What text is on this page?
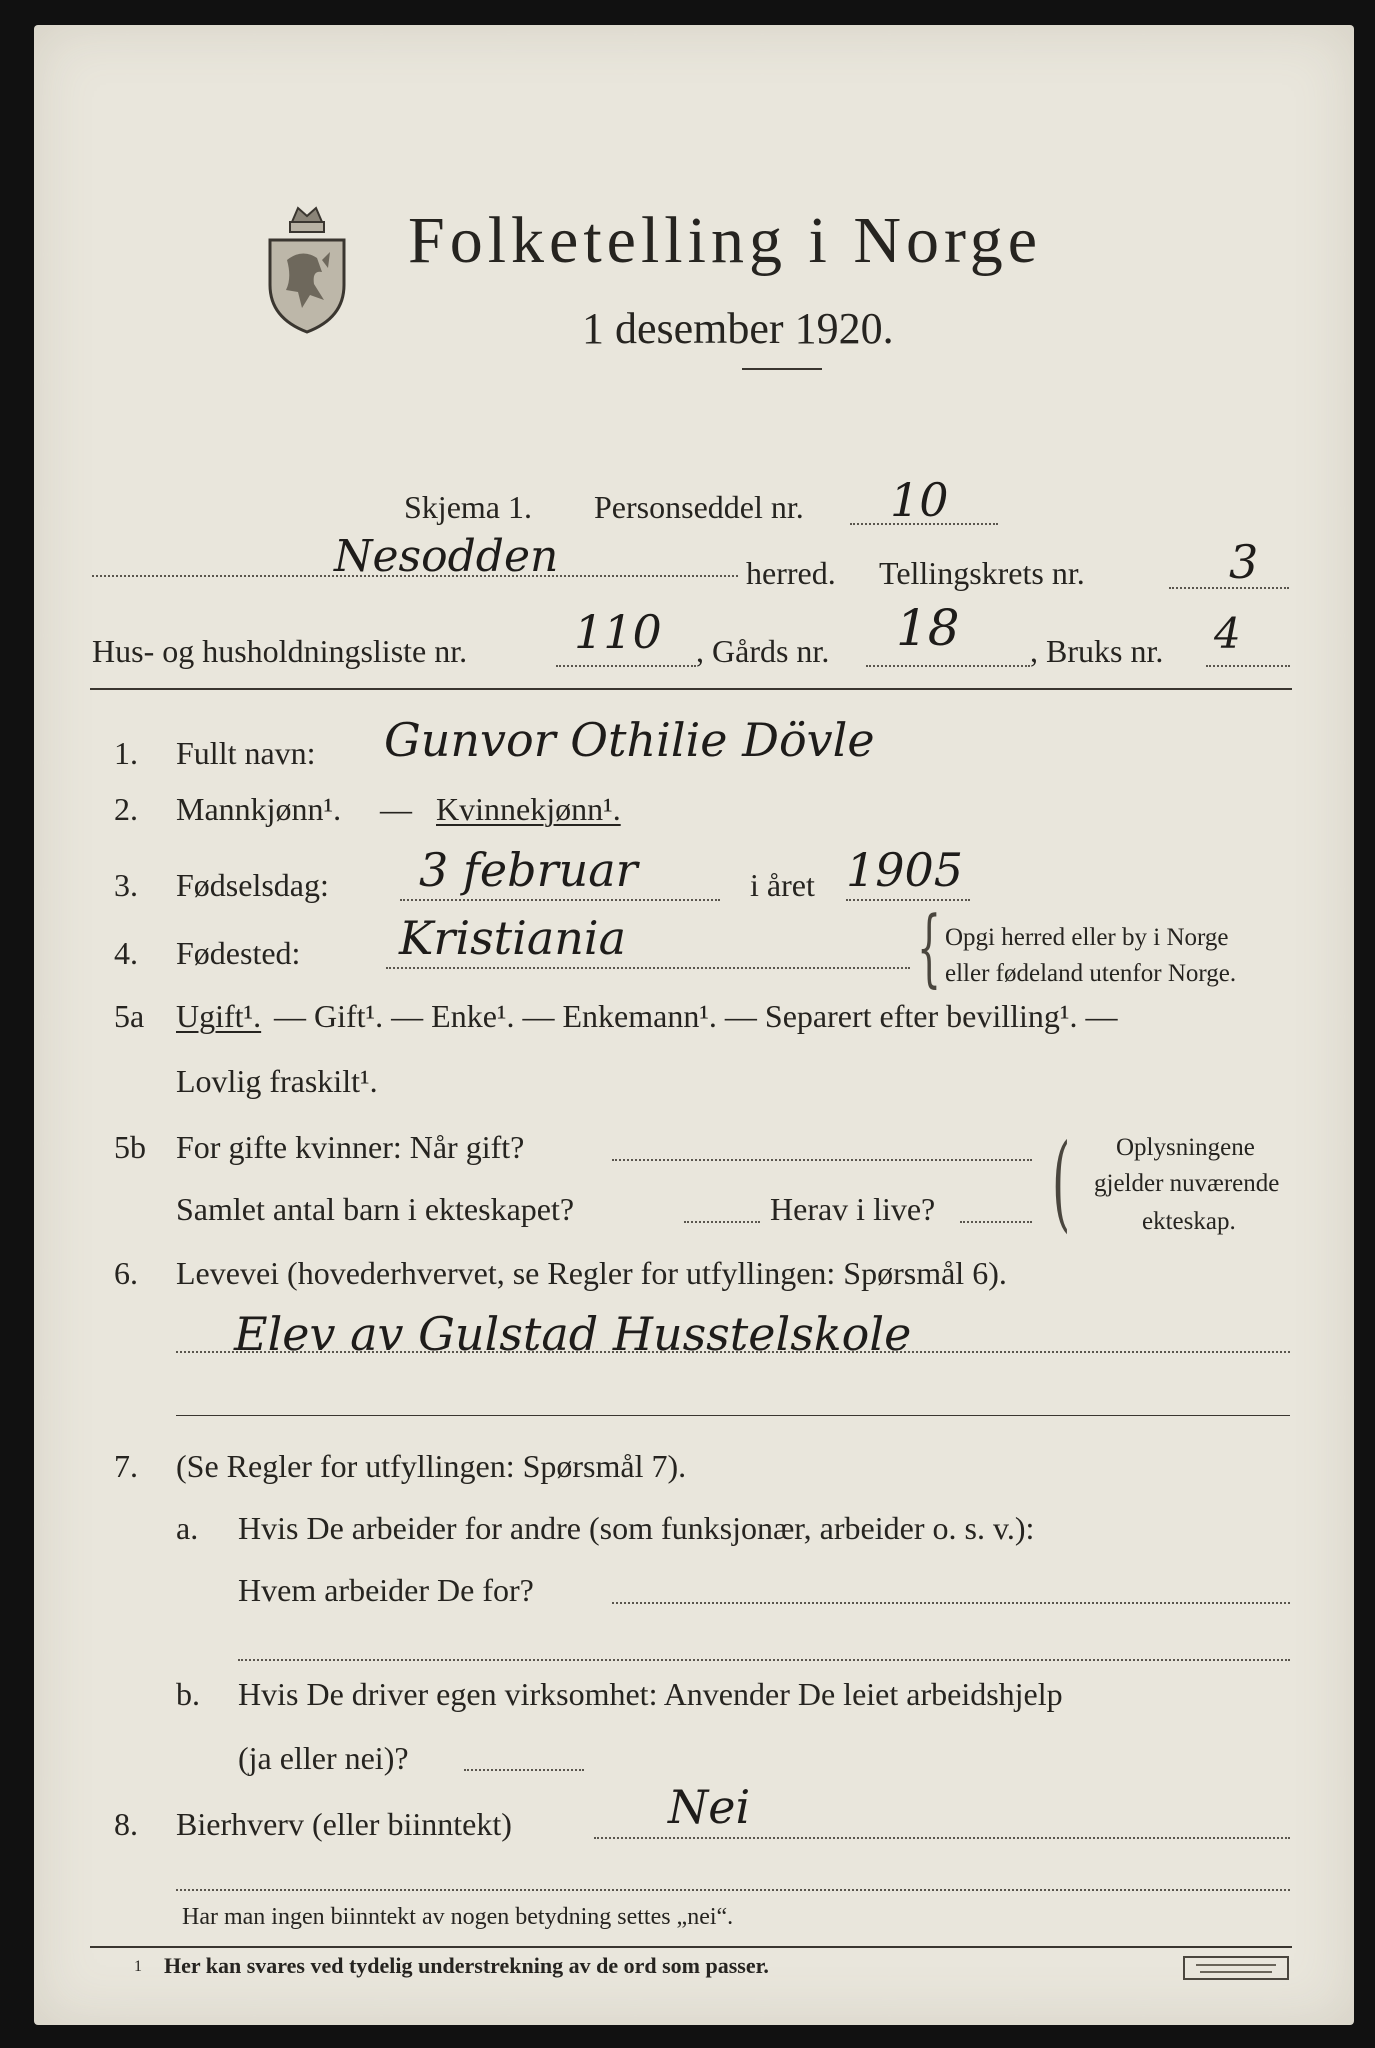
Folketelling i Norge
1 desember 1920.
Skjema 1. Personseddel nr. 10
Nesodden	herred. Tellingskrets nr.	3
Hus- og husholdningsliste nr. 110 , Gårds nr. 18 , Bruks nr. 4
1. Fullt navn: Gunvor Othilie Dövle
2. Mannkjønn¹. — Kvinnekjønn¹.
3. Fødselsdag: 3 februar	i året 1905
4. Fødested: Kristiania	{ Opgi herred eller by i Norge
eller fødeland utenfor Norge.
5a Ugift¹. — Gift¹. — Enke¹. — Enkemann¹. — Separert efter bevilling¹. —
Lovlig fraskilt¹.
5b For gifte kvinner: Når gift?
Samlet antal barn i ekteskapet?	Herav i live? ( Oplysningene
gjelder nuværende
ekteskap.
6. Levevei (hovederhvervet, se Regler for utfyllingen: Spørsmål 6).
Elev av Gulstad Husstelskole
7. (Se Regler for utfyllingen: Spørsmål 7).
a. Hvis De arbeider for andre (som funksjonær, arbeider o. s. v.):
Hvem arbeider De for?
b. Hvis De driver egen virksomhet: Anvender De leiet arbeidshjelp
(ja eller nei)?
8. Bierhverv (eller biinntekt)	Nei
Har man ingen biinntekt av nogen betydning settes „nei“.
1 Her kan svares ved tydelig understrekning av de ord som passer.
